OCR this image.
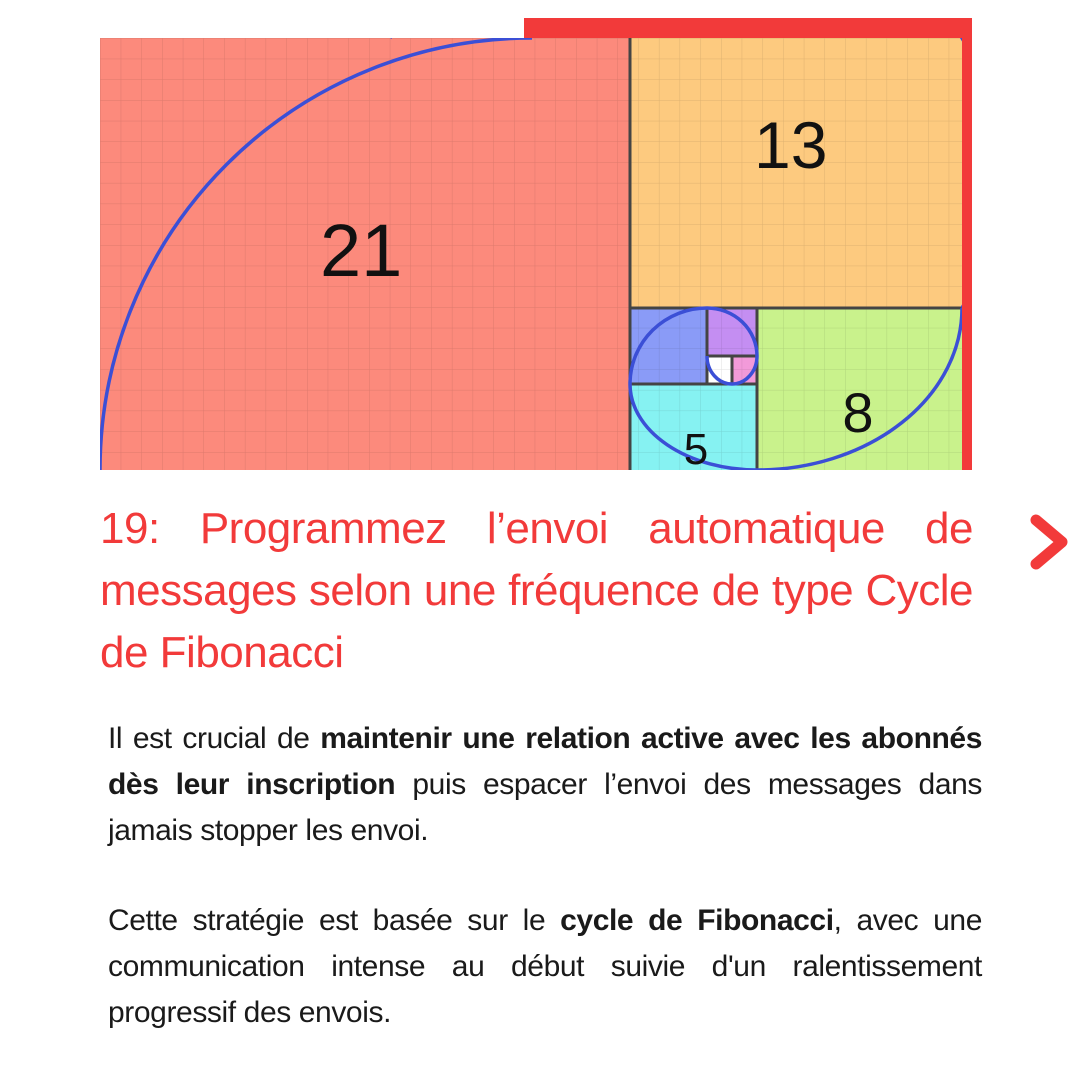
21
13
8
5
19: Programmez l’envoi automatique de messages selon une fréquence de type Cycle de Fibonacci

Il est crucial de maintenir une relation active avec les abonnés dès leur inscription puis espacer l’envoi des messages dans jamais stopper les envoi.

Cette stratégie est basée sur le cycle de Fibonacci, avec une communication intense au début suivie d'un ralentissement progressif des envois.
